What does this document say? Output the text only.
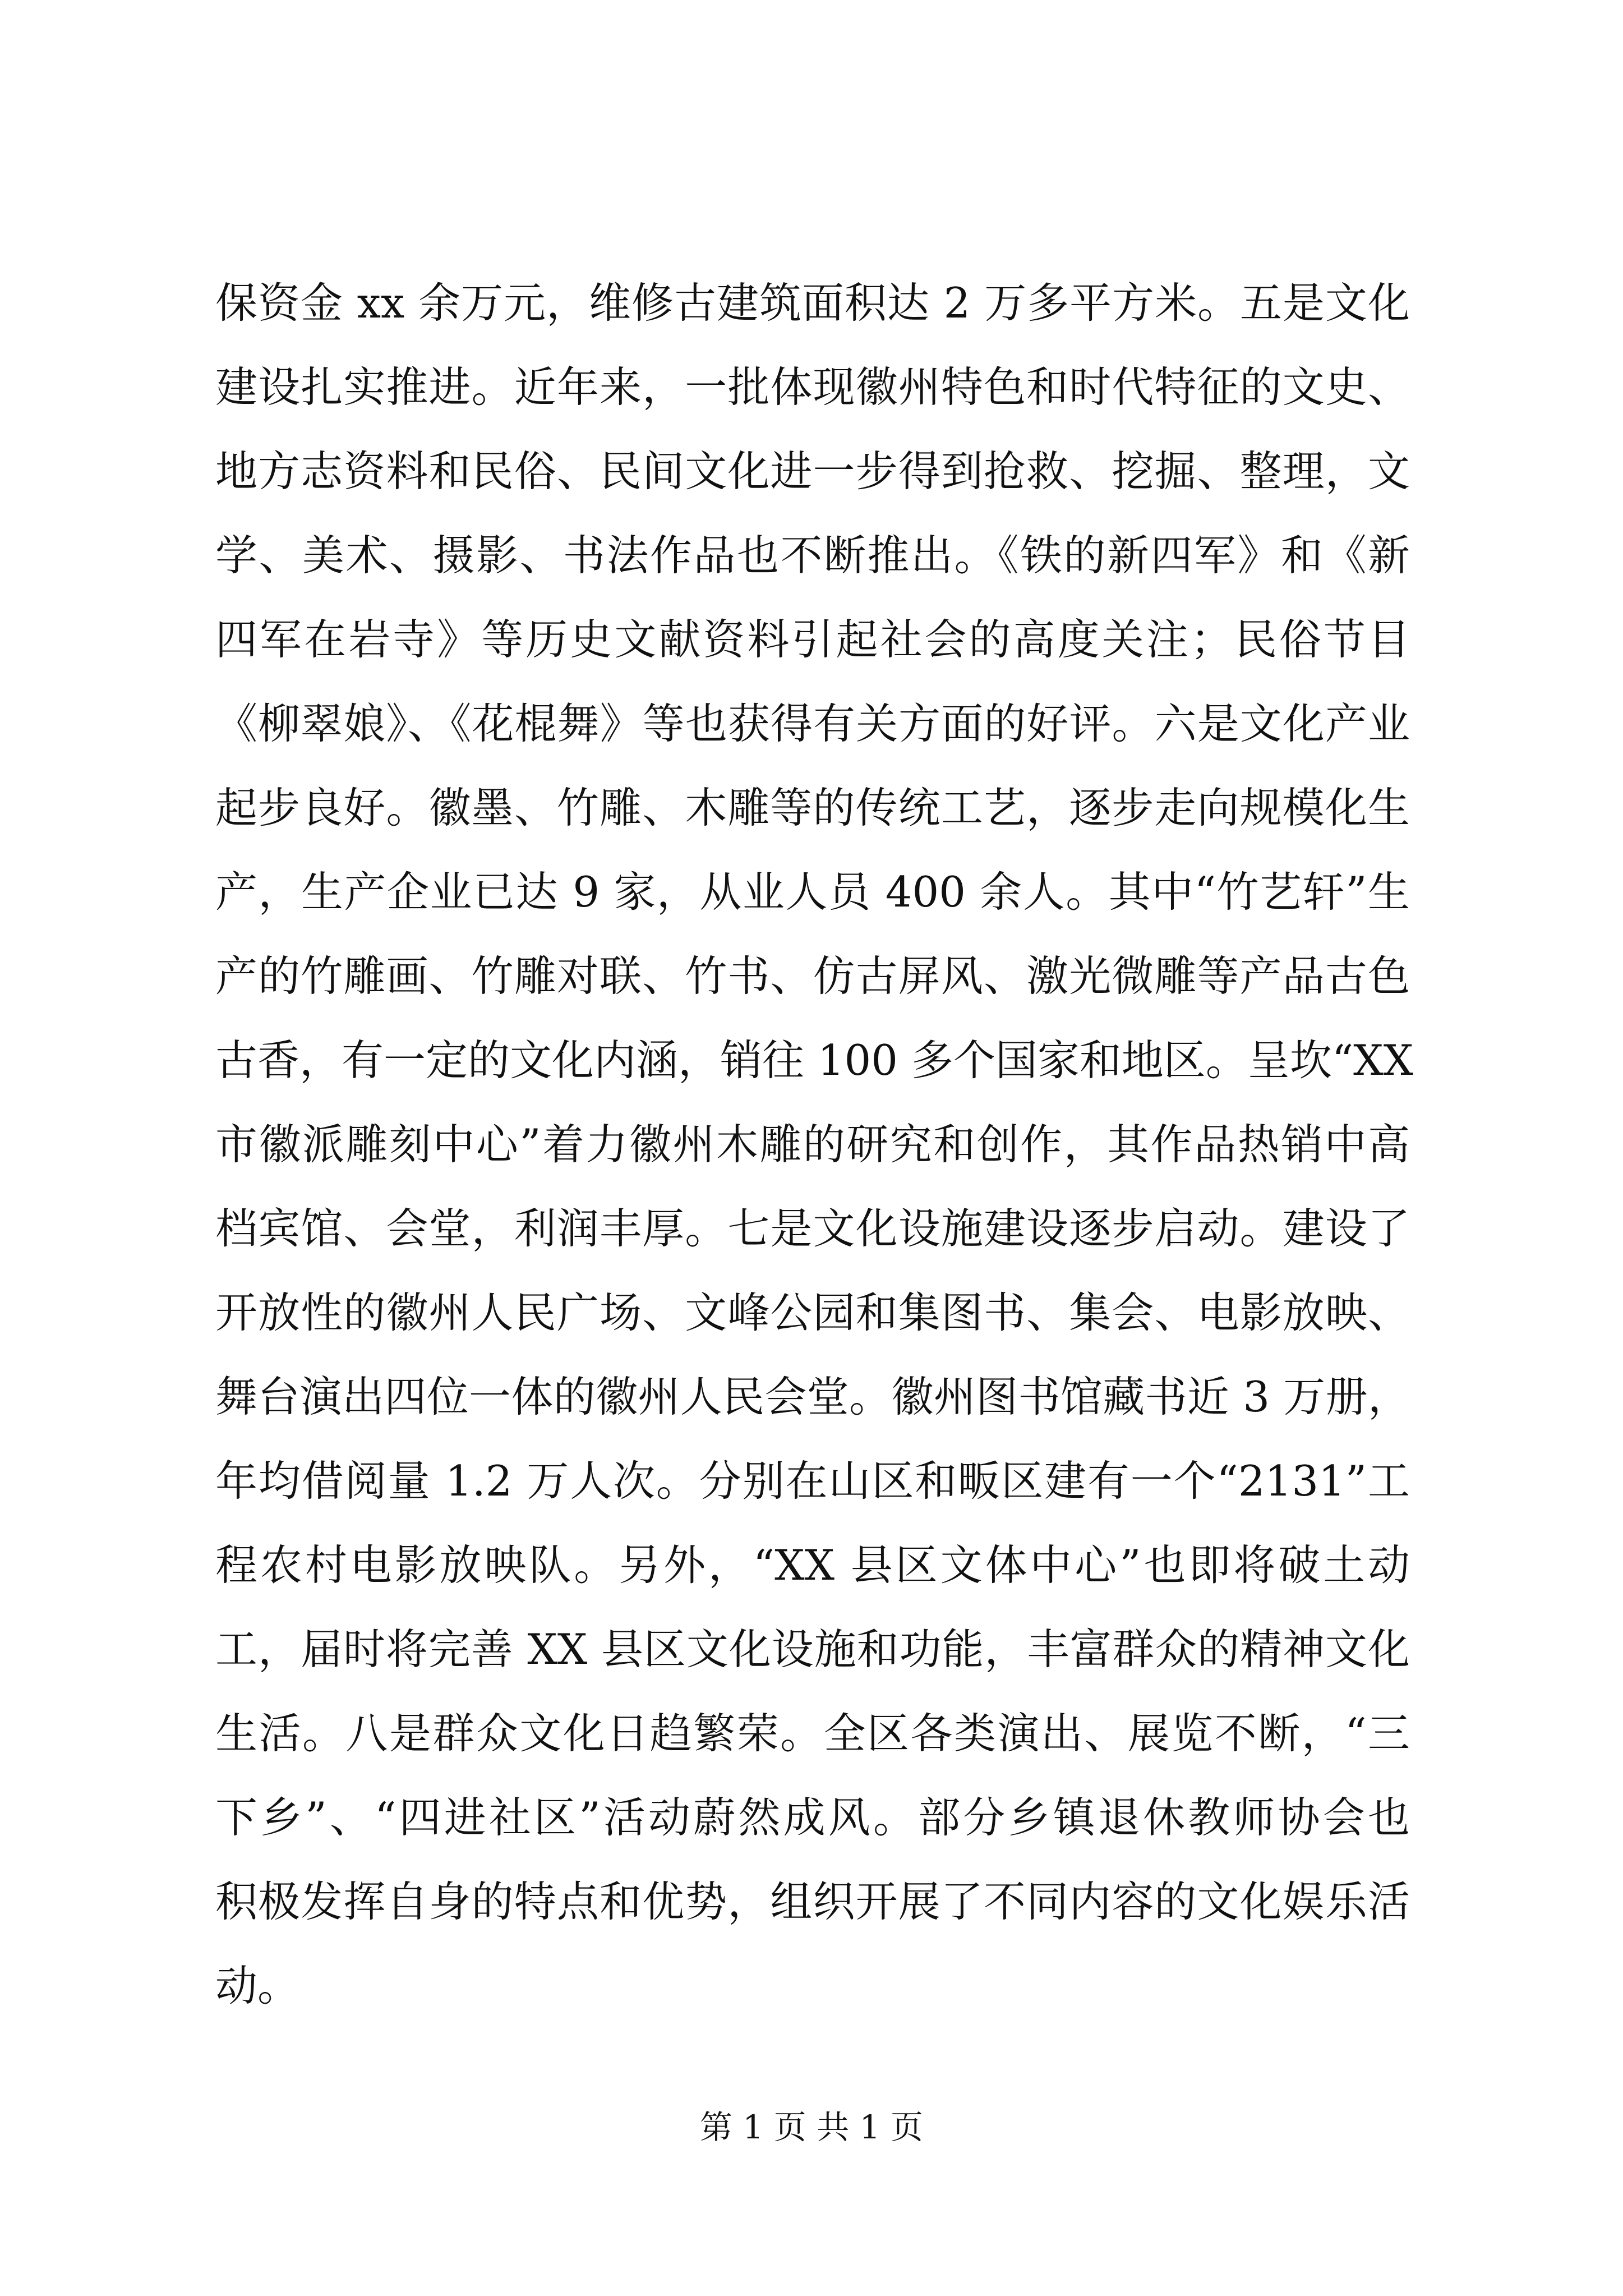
保资金 xx 余万元，维修古建筑面积达 2 万多平方米。五是文化
建设扎实推进。近年来，一批体现徽州特色和时代特征的文史、
地方志资料和民俗、民间文化进一步得到抢救、挖掘、整理，文
学、美术、摄影、书法作品也不断推出。《铁的新四军》和《新
四军在岩寺》等历史文献资料引起社会的高度关注；民俗节目
《柳翠娘》、《花棍舞》等也获得有关方面的好评。六是文化产业
起步良好。徽墨、竹雕、木雕等的传统工艺，逐步走向规模化生
产，生产企业已达 9 家，从业人员 400 余人。其中“竹艺轩”生
产的竹雕画、竹雕对联、竹书、仿古屏风、激光微雕等产品古色
古香，有一定的文化内涵，销往 100 多个国家和地区。呈坎“XX
市徽派雕刻中心”着力徽州木雕的研究和创作，其作品热销中高
档宾馆、会堂，利润丰厚。七是文化设施建设逐步启动。建设了
开放性的徽州人民广场、文峰公园和集图书、集会、电影放映、
舞台演出四位一体的徽州人民会堂。徽州图书馆藏书近 3 万册，
年均借阅量 1.2 万人次。分别在山区和畈区建有一个“2131”工
程农村电影放映队。另外，“XX 县区文体中心”也即将破土动
工，届时将完善 XX 县区文化设施和功能，丰富群众的精神文化
生活。八是群众文化日趋繁荣。全区各类演出、展览不断，“三
下乡”、“四进社区”活动蔚然成风。部分乡镇退休教师协会也
积极发挥自身的特点和优势，组织开展了不同内容的文化娱乐活
动。
第 1 页 共 1 页
